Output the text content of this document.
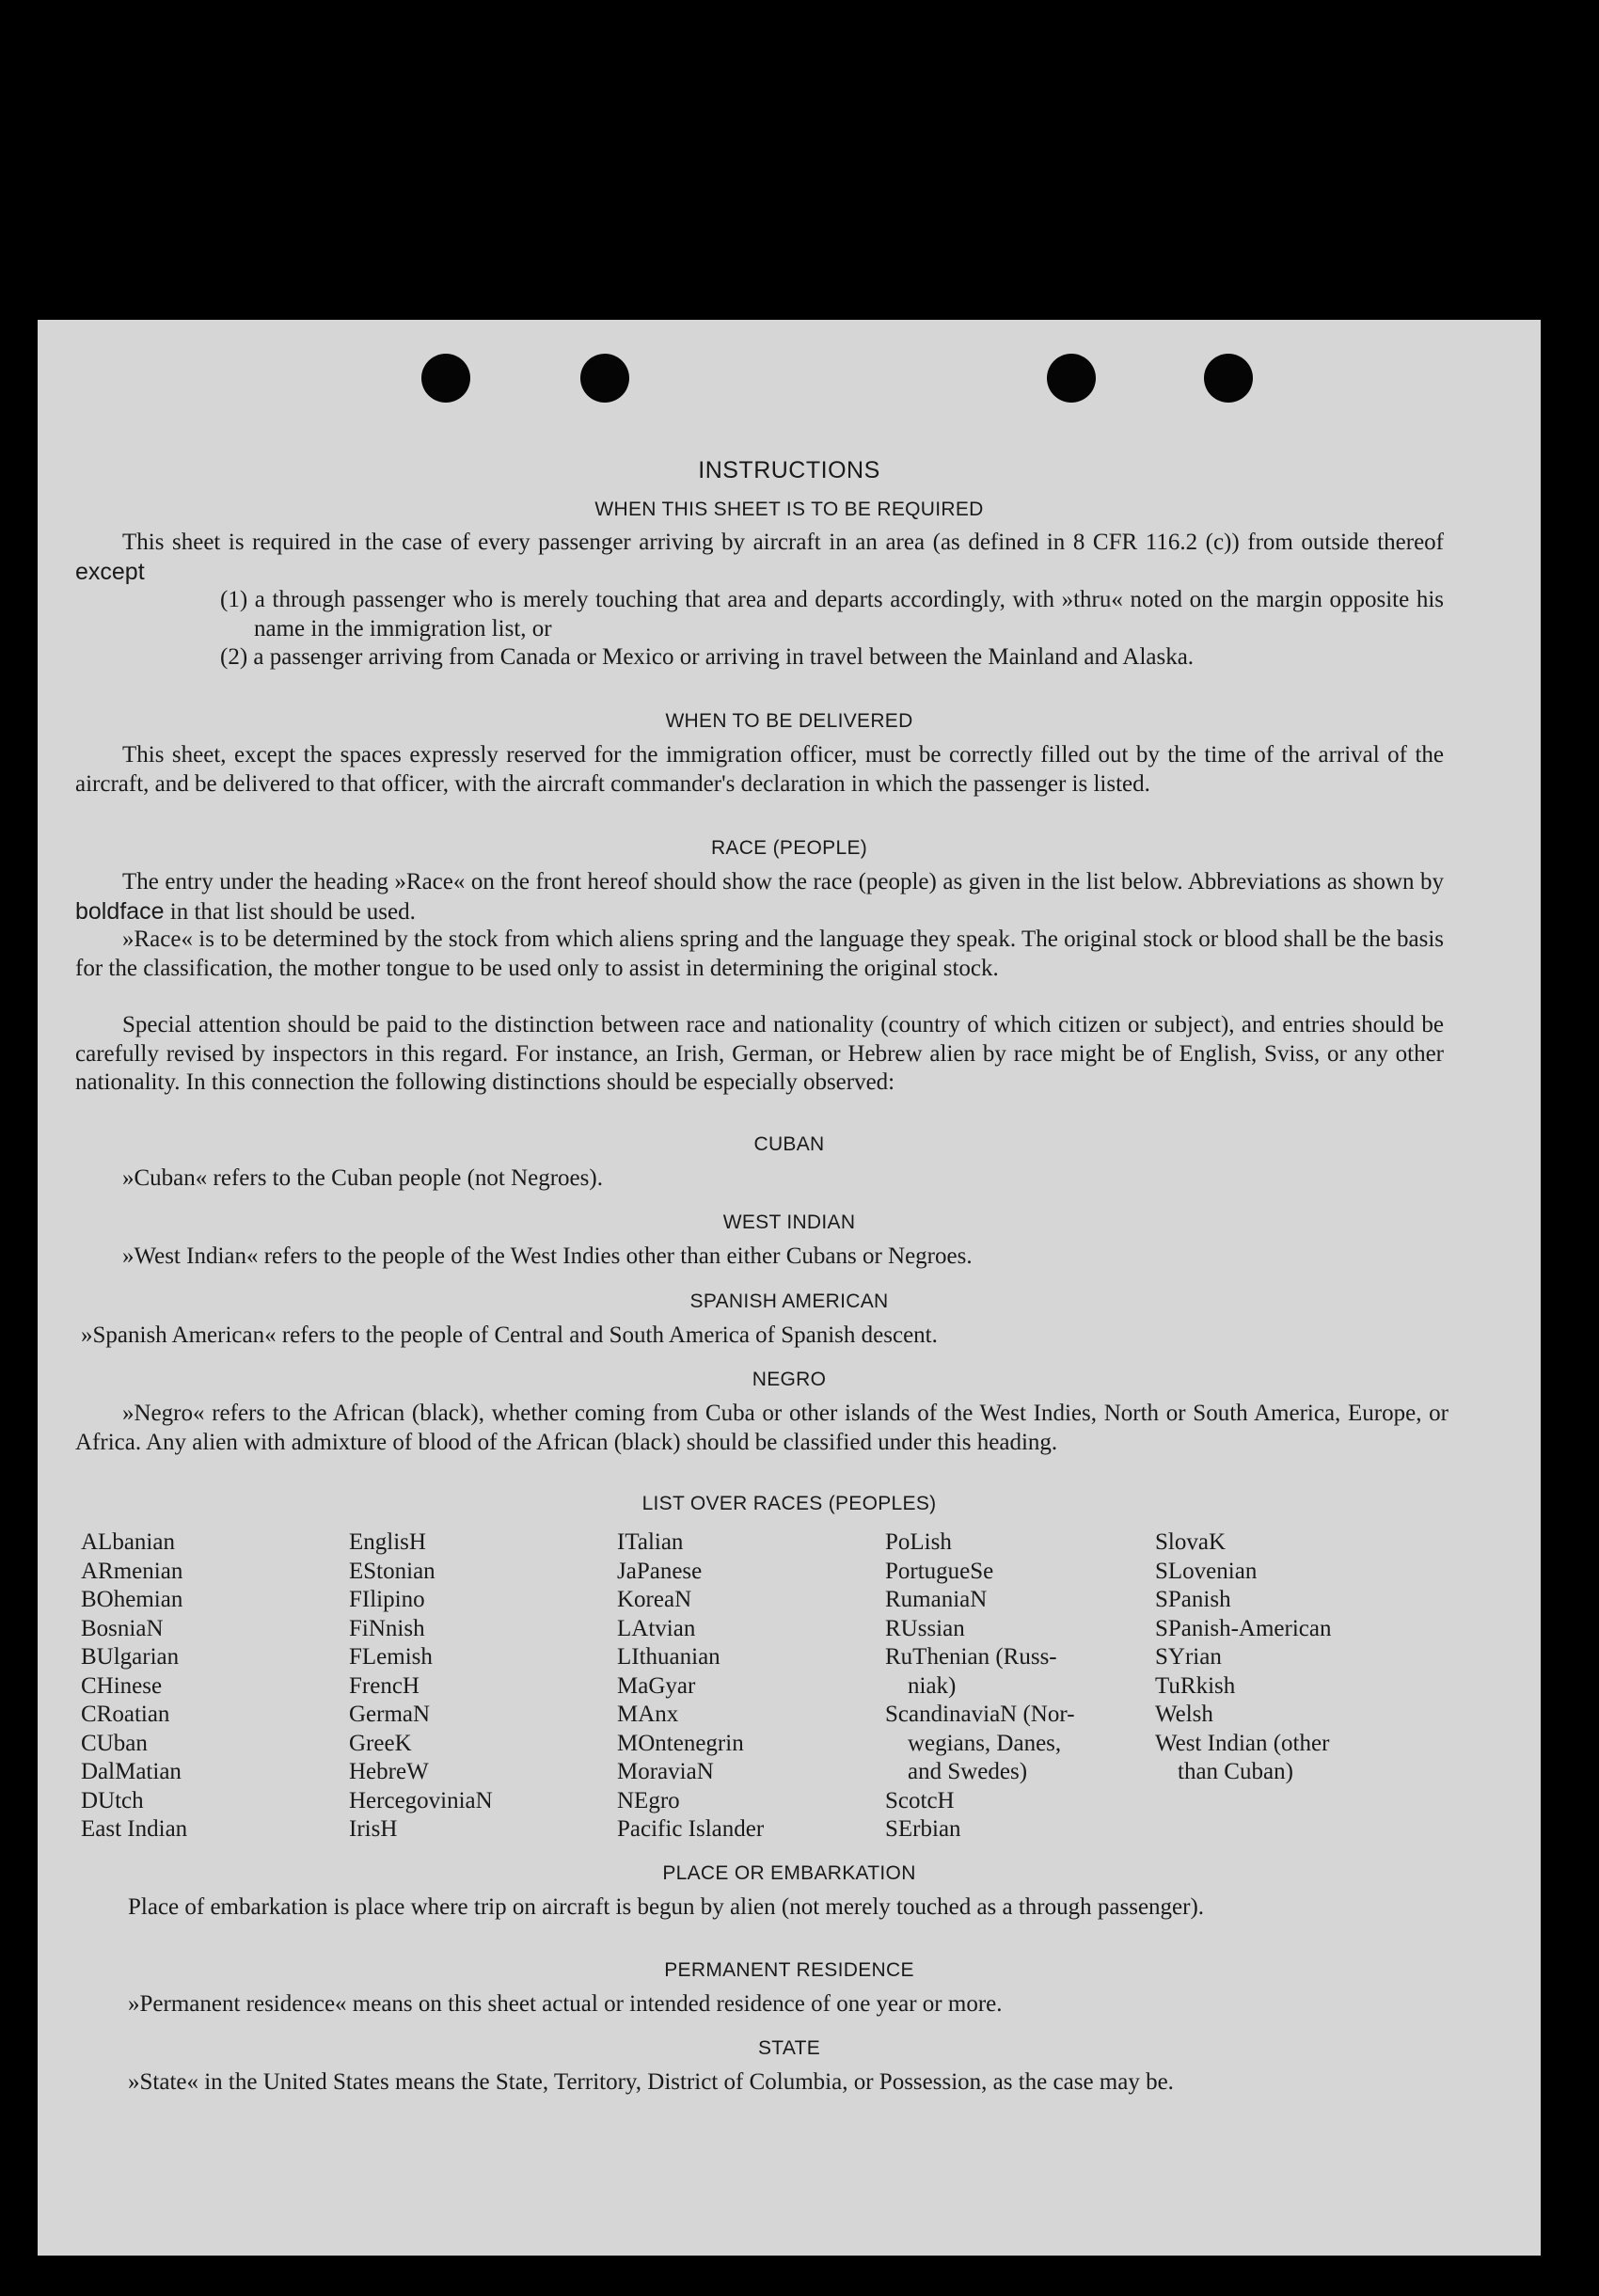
INSTRUCTIONS
WHEN THIS SHEET IS TO BE REQUIRED
This sheet is required in the case of every passenger arriving by aircraft in an area (as defined in 8 CFR 116.2 (c)) from outside thereof except
(1) a through passenger who is merely touching that area and departs accordingly, with »thru« noted on the margin opposite his name in the immigration list, or
(2) a passenger arriving from Canada or Mexico or arriving in travel between the Mainland and Alaska.
WHEN TO BE DELIVERED
This sheet, except the spaces expressly reserved for the immigration officer, must be correctly filled out by the time of the arrival of the aircraft, and be delivered to that officer, with the aircraft commander's declaration in which the passenger is listed.
RACE (PEOPLE)
The entry under the heading »Race« on the front hereof should show the race (people) as given in the list below. Abbreviations as shown by boldface in that list should be used.
»Race« is to be determined by the stock from which aliens spring and the language they speak. The original stock or blood shall be the basis for the classification, the mother tongue to be used only to assist in determining the original stock.
Special attention should be paid to the distinction between race and nationality (country of which citizen or subject), and entries should be carefully revised by inspectors in this regard. For instance, an Irish, German, or Hebrew alien by race might be of English, Sviss, or any other nationality. In this connection the following distinctions should be especially observed:
CUBAN
»Cuban« refers to the Cuban people (not Negroes).
WEST INDIAN
»West Indian« refers to the people of the West Indies other than either Cubans or Negroes.
SPANISH AMERICAN
»Spanish American« refers to the people of Central and South America of Spanish descent.
NEGRO
»Negro« refers to the African (black), whether coming from Cuba or other islands of the West Indies, North or South America, Europe, or Africa. Any alien with admixture of blood of the African (black) should be classified under this heading.
LIST OVER RACES (PEOPLES)
ALbanian
ARmenian
BOhemian
BosniaN
BUlgarian
CHinese
CRoatian
CUban
DalMatian
DUtch
East Indian
EnglisH
EStonian
FIlipino
FiNnish
FLemish
FrencH
GermaN
GreeK
HebreW
HercegoviniaN
IrisH
ITalian
JaPanese
KoreaN
LAtvian
LIthuanian
MaGyar
MAnx
MOntenegrin
MoraviaN
NEgro
Pacific Islander
PoLish
PortugueSe
RumaniaN
RUssian
RuThenian (Russ-
niak)
ScandinaviaN (Nor-
wegians, Danes,
and Swedes)
ScotcH
SErbian
SlovaK
SLovenian
SPanish
SPanish-American
SYrian
TuRkish
Welsh
West Indian (other
than Cuban)
PLACE OR EMBARKATION
Place of embarkation is place where trip on aircraft is begun by alien (not merely touched as a through passenger).
PERMANENT RESIDENCE
»Permanent residence« means on this sheet actual or intended residence of one year or more.
STATE
»State« in the United States means the State, Territory, District of Columbia, or Possession, as the case may be.
